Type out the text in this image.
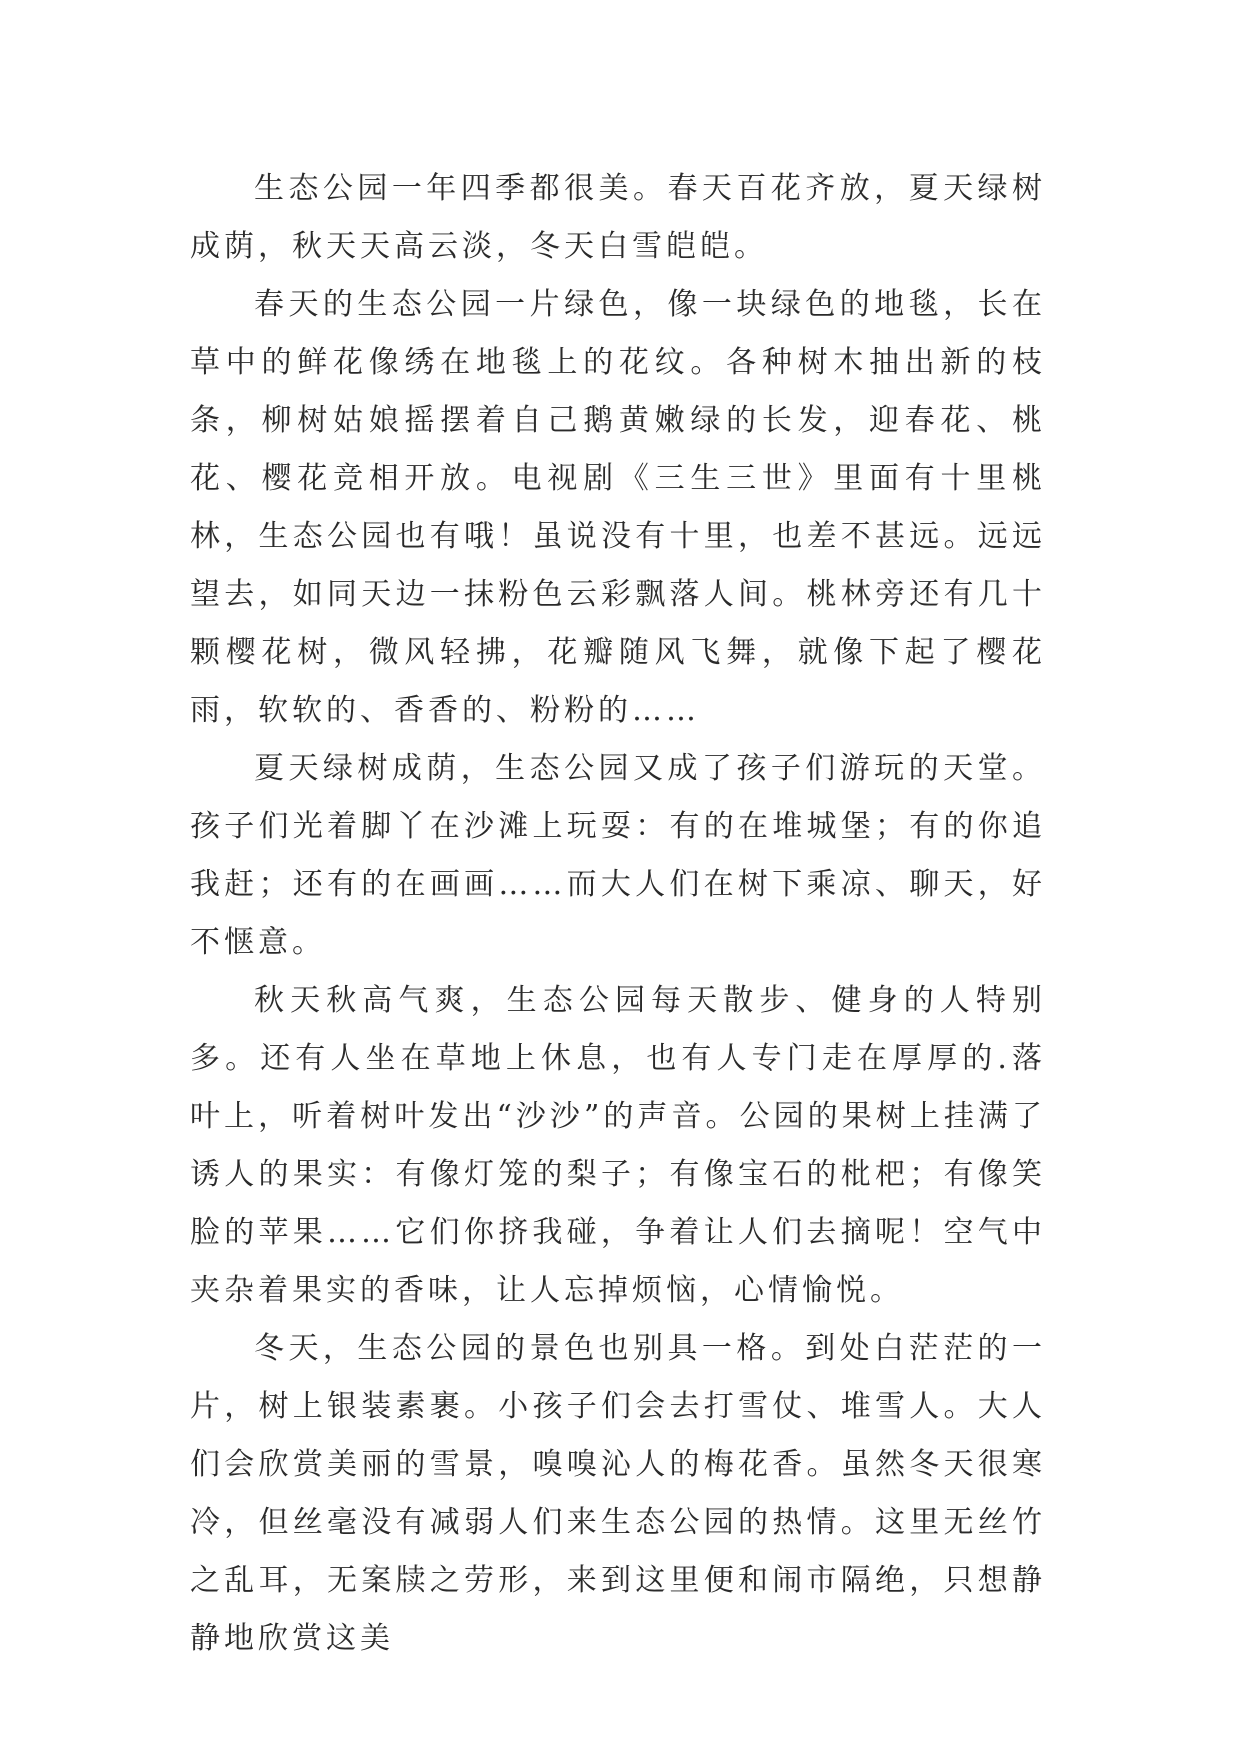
生态公园一年四季都很美。春天百花齐放，夏天绿树成荫，秋天天高云淡，冬天白雪皑皑。

春天的生态公园一片绿色，像一块绿色的地毯，长在草中的鲜花像绣在地毯上的花纹。各种树木抽出新的枝条，柳树姑娘摇摆着自己鹅黄嫩绿的长发，迎春花、桃花、樱花竞相开放。电视剧《三生三世》里面有十里桃林，生态公园也有哦！虽说没有十里，也差不甚远。远远望去，如同天边一抹粉色云彩飘落人间。桃林旁还有几十颗樱花树，微风轻拂，花瓣随风飞舞，就像下起了樱花雨，软软的、香香的、粉粉的……

夏天绿树成荫，生态公园又成了孩子们游玩的天堂。孩子们光着脚丫在沙滩上玩耍：有的在堆城堡；有的你追我赶；还有的在画画……而大人们在树下乘凉、聊天，好不惬意。

秋天秋高气爽，生态公园每天散步、健身的人特别多。还有人坐在草地上休息，也有人专门走在厚厚的.落叶上，听着树叶发出“沙沙”的声音。公园的果树上挂满了诱人的果实：有像灯笼的梨子；有像宝石的枇杷；有像笑脸的苹果……它们你挤我碰，争着让人们去摘呢！空气中夹杂着果实的香味，让人忘掉烦恼，心情愉悦。

冬天，生态公园的景色也别具一格。到处白茫茫的一片，树上银装素裹。小孩子们会去打雪仗、堆雪人。大人们会欣赏美丽的雪景，嗅嗅沁人的梅花香。虽然冬天很寒冷，但丝毫没有减弱人们来生态公园的热情。这里无丝竹之乱耳，无案牍之劳形，来到这里便和闹市隔绝，只想静静地欣赏这美
